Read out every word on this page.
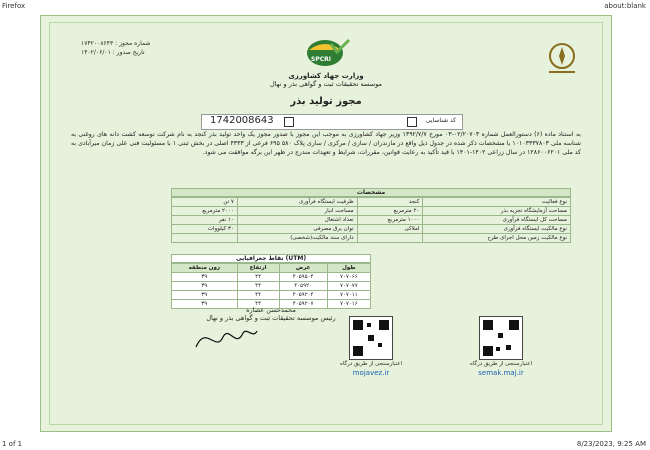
Firefox	about:blank
1 of 1	8/23/2023, 9:25 AM
شماره مجوز : ۱۷۴۲۰۰۸۶۴۳
تاریخ صدور : ۱۴۰۲/۰۶/۰۱
SPCRI
وزارت جهاد کشاورزی
موسسه تحقیقات ثبت و گواهی بذر و نهال
مجوز تولید بذر
1742008643	کد شناسایی
به استناد ماده (۶) دستورالعمل شماره ۰۲/۲۰۷۰۳-۰۳ مورخ ۱۳۹۲/۷/۷ وزیر جهاد کشاورزی به موجب این مجوز با صدور مجوز یک واحد تولید بذر کنجد به نام شرکت توسعه کشت دانه های روغنی به شناسه ملی ۱۰۱۰۳۳۳۷۸۰۳ با مشخصات ذکر شده در جدول ذیل واقع در مازندران / ساری / مرکزی / ساری پلاک ۵۸۰ ۶۹۵ فرعی از ۴۳۳۳ اصلی در بخش ثبتی ۱ با مسئولیت فنی علی زمان میرآبادی به کد ملی ۱۲۸۶۰۰۶۲۰۱ در سال زراعی ۱۴۰۲-۱۴۰۱ با قید تأکید به رعایت قوانین، مقررات، شرایط و تعهدات مندرج در ظهر این برگه موافقت می شود.
مشخصات
نوع فعالیت	کنجد	ظرفیت ایستگاه فرآوری	۷ تن
مساحت آزمایشگاه تجزیه بذر	۲۰ مترمربع	مساحت انبار	۲۰۰۰ مترمربع
مساحت کل ایستگاه فرآوری	۱۰۰۰ مترمربع	تعداد اشتغال	۱۰ نفر
نوع مالکیت ایستگاه فرآوری	املاکی	توان برق مصرفی	۳۰ کیلووات
نوع مالکیت زمین محل اجرای طرح		دارای سند مالکیت(شخصی)	
نقاط جغرافیایی (UTM)
طول	عرض	ارتفاع	زون منطقه
۷۰۷۰۶۶	۴۰۵۹۵۰۴	۴۴	۳۹
۷۰۷۰۷۷	۴۰۵۹۲۰	۴۴	۳۹
۷۰۷۰۱۱	۴۰۵۹۲۰۴	۴۴	۳۹
۷۰۷۰۱۶	۴۰۵۹۲۰۷	۴۴	۳۹
محمدحسن عصاره
رئیس موسسه تحقیقات ثبت و گواهی بذر و نهال
اعتبارسنجی از طریق درگاه
mojavez.ir
اعتبارسنجی از طریق درگاه
semak.maj.ir
